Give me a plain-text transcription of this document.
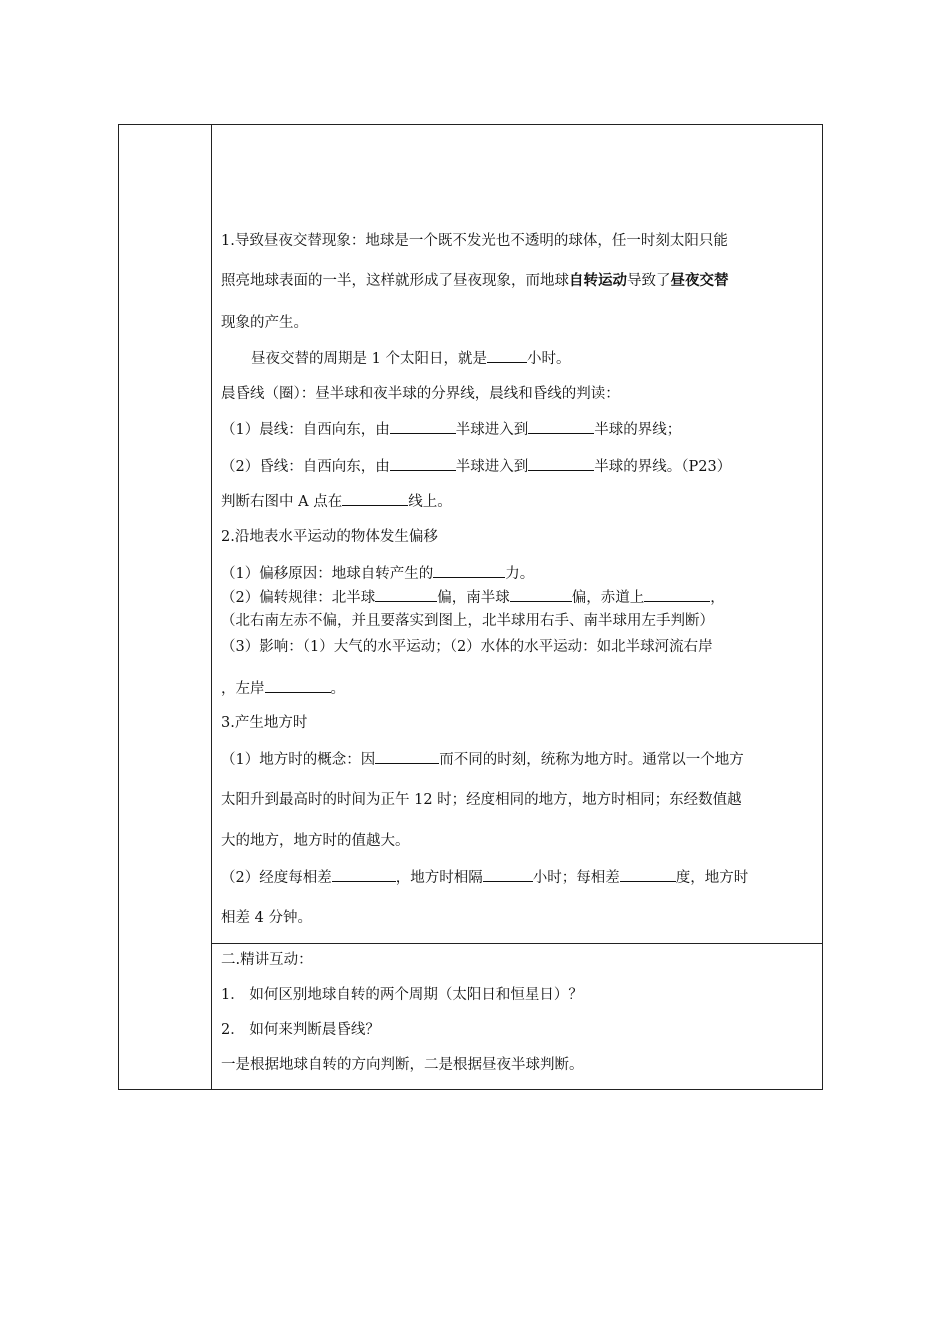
1.导致昼夜交替现象：地球是一个既不发光也不透明的球体，任一时刻太阳只能
照亮地球表面的一半，这样就形成了昼夜现象，而地球自转运动导致了昼夜交替
现象的产生。
昼夜交替的周期是 1 个太阳日，就是	小时。
晨昏线（圈）：昼半球和夜半球的分界线，晨线和昏线的判读：
（1）晨线：自西向东，由	半球进入到	半球的界线；
（2）昏线：自西向东，由	半球进入到	半球的界线。（P23）
判断右图中 A 点在	线上。
2.沿地表水平运动的物体发生偏移
（1）偏移原因：地球自转产生的	力。
（2）偏转规律：北半球	偏，南半球	偏，赤道上	，
（北右南左赤不偏，并且要落实到图上，北半球用右手、南半球用左手判断）
（3）影响：（1）大气的水平运动；（2）水体的水平运动：如北半球河流右岸
，左岸	。
3.产生地方时
（1）地方时的概念：因	而不同的时刻，统称为地方时。通常以一个地方
太阳升到最高时的时间为正午 12 时；经度相同的地方，地方时相同；东经数值越
大的地方，地方时的值越大。
（2）经度每相差	，地方时相隔	小时；每相差	度，地方时
相差 4 分钟。
二.精讲互动：
1． 如何区别地球自转的两个周期（太阳日和恒星日）？
2． 如何来判断晨昏线？
一是根据地球自转的方向判断，二是根据昼夜半球判断。
